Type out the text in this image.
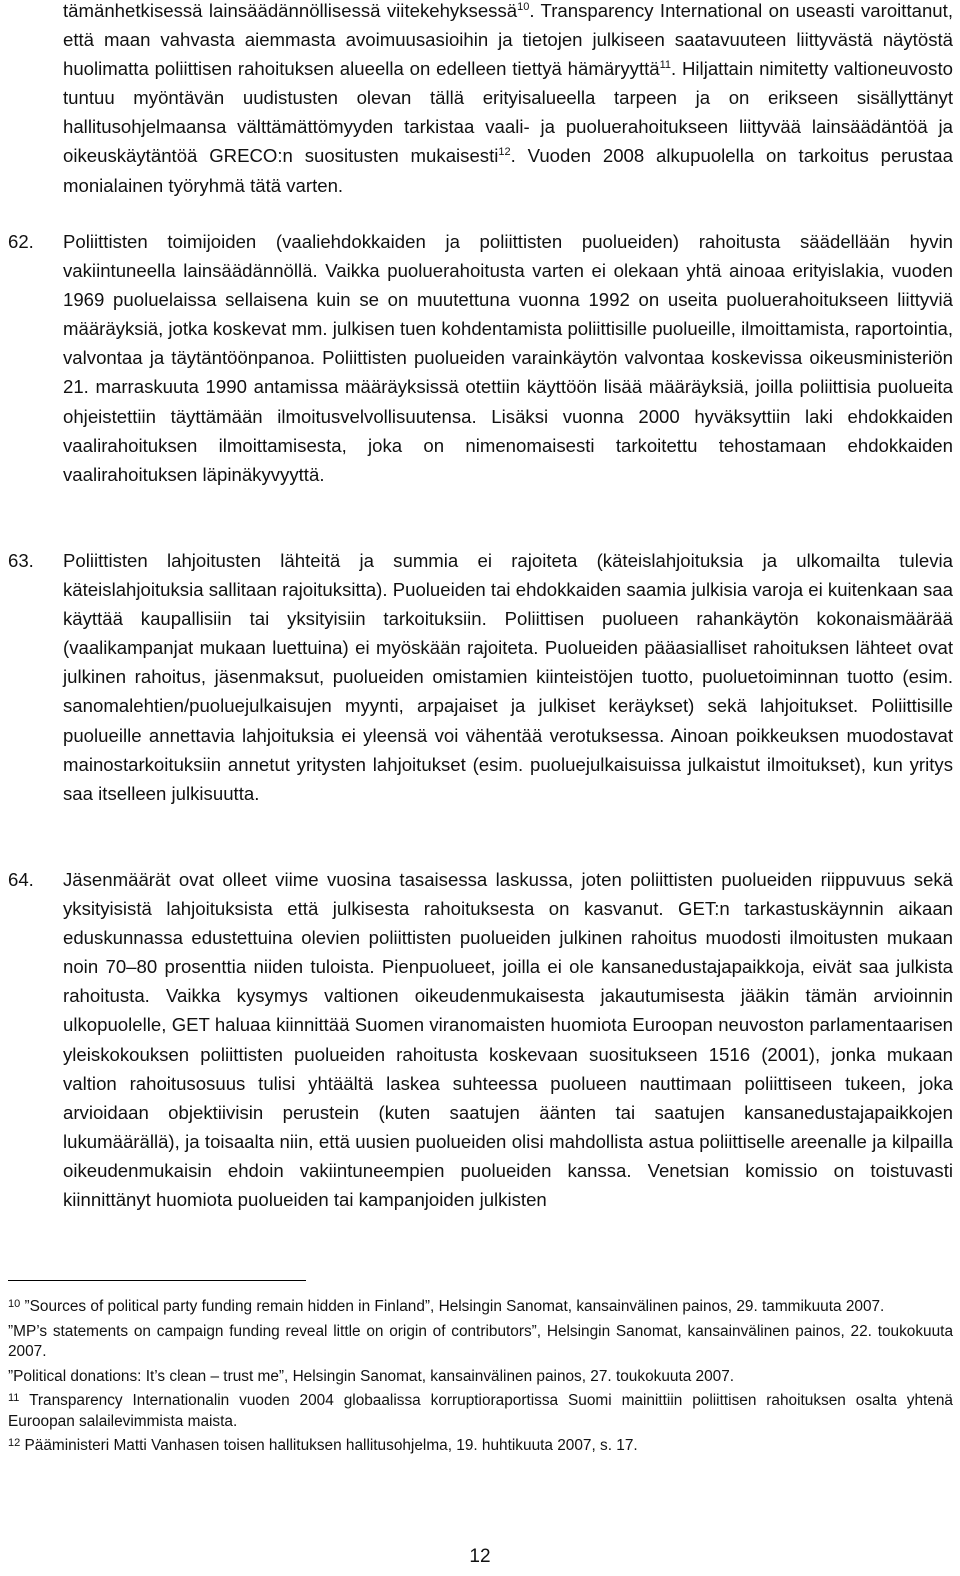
tämänhetkisessä lainsäädännöllisessä viitekehyksessä$^{10}$. Transparency International on useasti varoittanut, että maan vahvasta aiemmasta avoimuusasioihin ja tietojen julkiseen saatavuuteen liittyvästä näytöstä huolimatta poliittisen rahoituksen alueella on edelleen tiettyä hämäryyttä$^{11}$. Hiljattain nimitetty valtioneuvosto tuntuu myöntävän uudistusten olevan tällä erityisalueella tarpeen ja on erikseen sisällyttänyt hallitusohjelmaansa välttämättömyyden tarkistaa vaali- ja puoluerahoitukseen liittyvää lainsäädäntöä ja oikeuskäytäntöä GRECO:n suositusten mukaisesti$^{12}$. Vuoden 2008 alkupuolella on tarkoitus perustaa monialainen työryhmä tätä varten.
62.	Poliittisten toimijoiden (vaaliehdokkaiden ja poliittisten puolueiden) rahoitusta säädellään hyvin vakiintuneella lainsäädännöllä. Vaikka puoluerahoitusta varten ei olekaan yhtä ainoaa erityislakia, vuoden 1969 puoluelaissa sellaisena kuin se on muutettuna vuonna 1992 on useita puoluerahoitukseen liittyviä määräyksiä, jotka koskevat mm. julkisen tuen kohdentamista poliittisille puolueille, ilmoittamista, raportointia, valvontaa ja täytäntöönpanoa. Poliittisten puolueiden varainkäytön valvontaa koskevissa oikeusministeriön 21. marraskuuta 1990 antamissa määräyksissä otettiin käyttöön lisää määräyksiä, joilla poliittisia puolueita ohjeistettiin täyttämään ilmoitusvelvollisuutensa. Lisäksi vuonna 2000 hyväksyttiin laki ehdokkaiden vaalirahoituksen ilmoittamisesta, joka on nimenomaisesti tarkoitettu tehostamaan ehdokkaiden vaalirahoituksen läpinäkyvyyttä.
63.	Poliittisten lahjoitusten lähteitä ja summia ei rajoiteta (käteislahjoituksia ja ulkomailta tulevia käteislahjoituksia sallitaan rajoituksitta). Puolueiden tai ehdokkaiden saamia julkisia varoja ei kuitenkaan saa käyttää kaupallisiin tai yksityisiin tarkoituksiin. Poliittisen puolueen rahankäytön kokonaismäärää (vaalikampanjat mukaan luettuina) ei myöskään rajoiteta. Puolueiden pääasialliset rahoituksen lähteet ovat julkinen rahoitus, jäsenmaksut, puolueiden omistamien kiinteistöjen tuotto, puoluetoiminnan tuotto (esim. sanomalehtien/puoluejulkaisujen myynti, arpajaiset ja julkiset keräykset) sekä lahjoitukset. Poliittisille puolueille annettavia lahjoituksia ei yleensä voi vähentää verotuksessa. Ainoan poikkeuksen muodostavat mainostarkoituksiin annetut yritysten lahjoitukset (esim. puoluejulkaisuissa julkaistut ilmoitukset), kun yritys saa itselleen julkisuutta.
64.	Jäsenmäärät ovat olleet viime vuosina tasaisessa laskussa, joten poliittisten puolueiden riippuvuus sekä yksityisistä lahjoituksista että julkisesta rahoituksesta on kasvanut. GET:n tarkastuskäynnin aikaan eduskunnassa edustettuina olevien poliittisten puolueiden julkinen rahoitus muodosti ilmoitusten mukaan noin 70–80 prosenttia niiden tuloista. Pienpuolueet, joilla ei ole kansanedustajapaikkoja, eivät saa julkista rahoitusta. Vaikka kysymys valtionen oikeudenmukaisesta jakautumisesta jääkin tämän arvioinnin ulkopuolelle, GET haluaa kiinnittää Suomen viranomaisten huomiota Euroopan neuvoston parlamentaarisen yleiskokouksen poliittisten puolueiden rahoitusta koskevaan suositukseen 1516 (2001), jonka mukaan valtion rahoitusosuus tulisi yhtäältä laskea suhteessa puolueen nauttimaan poliittiseen tukeen, joka arvioidaan objektiivisin perustein (kuten saatujen äänten tai saatujen kansanedustajapaikkojen lukumäärällä), ja toisaalta niin, että uusien puolueiden olisi mahdollista astua poliittiselle areenalle ja kilpailla oikeudenmukaisin ehdoin vakiintuneempien puolueiden kanssa. Venetsian komissio on toistuvasti kiinnittänyt huomiota puolueiden tai kampanjoiden julkisten

$^{10}$ ”Sources of political party funding remain hidden in Finland”, Helsingin Sanomat, kansainvälinen painos, 29. tammikuuta 2007.

”MP’s statements on campaign funding reveal little on origin of contributors”, Helsingin Sanomat, kansainvälinen painos, 22. toukokuuta 2007.

”Political donations: It’s clean – trust me”, Helsingin Sanomat, kansainvälinen painos, 27. toukokuuta 2007.

$^{11}$ Transparency Internationalin vuoden 2004 globaalissa korruptioraportissa Suomi mainittiin poliittisen rahoituksen osalta yhtenä Euroopan salailevimmista maista.

$^{12}$ Pääministeri Matti Vanhasen toisen hallituksen hallitusohjelma, 19. huhtikuuta 2007, s. 17.

12
